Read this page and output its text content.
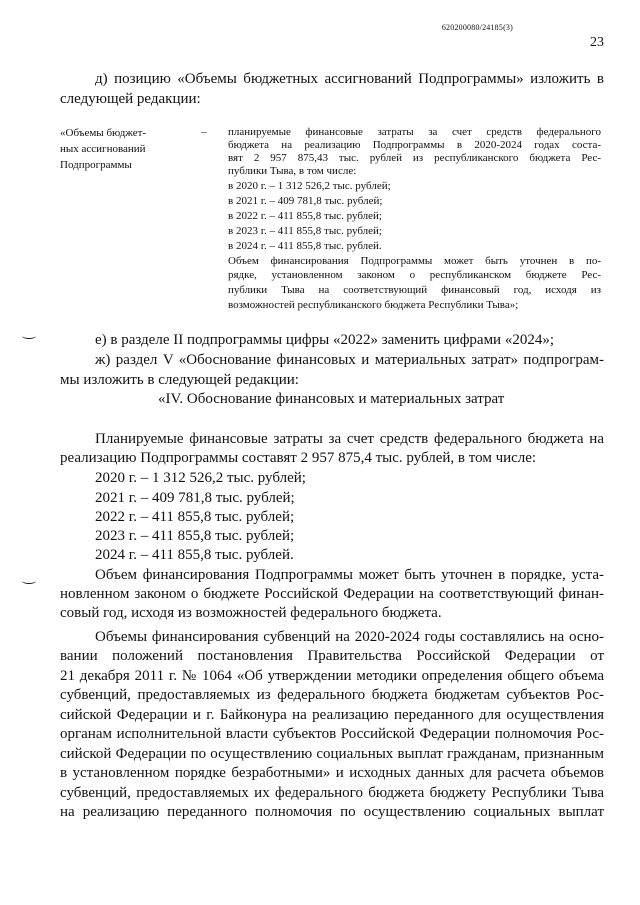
620200080/24185(3)
23
д) позицию «Объемы бюджетных ассигнований Подпрограммы» изложить в
следующей редакции:
«Объемы бюджет-
ных ассигнований
Подпрограммы
– планируемые финансовые затраты за счет средств федерального
бюджета на реализацию Подпрограммы в 2020-2024 годах соста-
вят 2 957 875,43 тыс. рублей из республиканского бюджета Рес-
публики Тыва, в том числе:
в 2020 г. – 1 312 526,2 тыс. рублей;
в 2021 г. – 409 781,8 тыс. рублей;
в 2022 г. – 411 855,8 тыс. рублей;
в 2023 г. – 411 855,8 тыс. рублей;
в 2024 г. – 411 855,8 тыс. рублей.
Объем финансирования Подпрограммы может быть уточнен в по-
рядке, установленном законом о республиканском бюджете Рес-
публики Тыва на соответствующий финансовый год, исходя из
возможностей республиканского бюджета Республики Тыва»;
е) в разделе II подпрограммы цифры «2022» заменить цифрами «2024»;
ж) раздел V «Обоснование финансовых и материальных затрат» подпрограм-
мы изложить в следующей редакции:
«IV. Обоснование финансовых и материальных затрат
Планируемые финансовые затраты за счет средств федерального бюджета на
реализацию Подпрограммы составят 2 957 875,4 тыс. рублей, в том числе:
2020 г. – 1 312 526,2 тыс. рублей;
2021 г. – 409 781,8 тыс. рублей;
2022 г. – 411 855,8 тыс. рублей;
2023 г. – 411 855,8 тыс. рублей;
2024 г. – 411 855,8 тыс. рублей.
Объем финансирования Подпрограммы может быть уточнен в порядке, уста-
новленном законом о бюджете Российской Федерации на соответствующий финан-
совый год, исходя из возможностей федерального бюджета.
Объемы финансирования субвенций на 2020-2024 годы составлялись на осно-
вании положений постановления Правительства Российской Федерации от
21 декабря 2011 г. № 1064 «Об утверждении методики определения общего объема
субвенций, предоставляемых из федерального бюджета бюджетам субъектов Рос-
сийской Федерации и г. Байконура на реализацию переданного для осуществления
органам исполнительной власти субъектов Российской Федерации полномочия Рос-
сийской Федерации по осуществлению социальных выплат гражданам, признанным
в установленном порядке безработными» и исходных данных для расчета объемов
субвенций, предоставляемых их федерального бюджета бюджету Республики Тыва
на реализацию переданного полномочия по осуществлению социальных выплат
